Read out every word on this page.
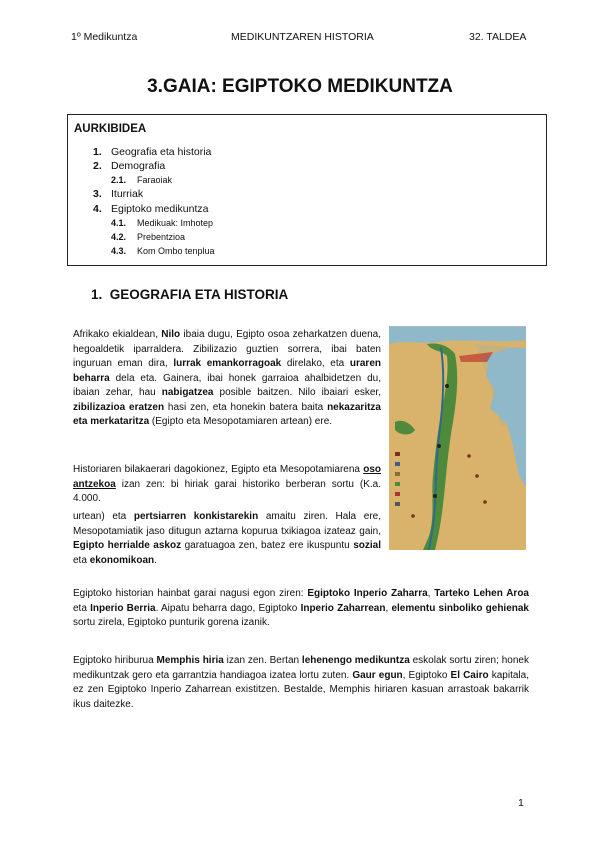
1º Medikuntza	MEDIKUNTZAREN HISTORIA	32. TALDEA
3.GAIA: EGIPTOKO MEDIKUNTZA
AURKIBIDEA
1. Geografia eta historia
2. Demografia
2.1. Faraoiak
3. Iturriak
4. Egiptoko medikuntza
4.1. Medikuak: Imhotep
4.2. Prebentzioa
4.3. Kom Ombo tenplua
1. GEOGRAFIA ETA HISTORIA
Afrikako ekialdean, Nilo ibaia dugu, Egipto osoa zeharkatzen duena, hegoaldetik iparraldera. Zibilizazio guztien sorrera, ibai baten inguruan eman dira, lurrak emankorragoak direlako, eta uraren beharra dela eta. Gainera, ibai honek garraioa ahalbidetzen du, ibaian zehar, hau nabigatzea posible baitzen. Nilo ibaiari esker, zibilizazioa eratzen hasi zen, eta honekin batera baita nekazaritza eta merkataritza (Egipto eta Mesopotamiaren artean) ere.
Historiaren bilakaerari dagokionez, Egipto eta Mesopotamiarena oso antzekoa izan zen: bi hiriak garai historiko berberan sortu (K.a. 4.000.
urtean) eta pertsiarren konkistarekin amaitu ziren. Hala ere, Mesopotamiatik jaso ditugun aztarna kopurua txikiagoa izateaz gain, Egipto herrialde askoz garatuagoa zen, batez ere ikuspuntu sozial eta ekonomikoan.
Egiptoko historian hainbat garai nagusi egon ziren: Egiptoko Inperio Zaharra, Tarteko Lehen Aroa eta Inperio Berria. Aipatu beharra dago, Egiptoko Inperio Zaharrean, elementu sinboliko gehienak sortu zirela, Egiptoko punturik gorena izanik.
Egiptoko hiriburua Memphis hiria izan zen. Bertan lehenengo medikuntza eskolak sortu ziren; honek medikuntzak gero eta garrantzia handiagoa izatea lortu zuten. Gaur egun, Egiptoko El Cairo kapitala, ez zen Egiptoko Inperio Zaharrean existitzen. Bestalde, Memphis hiriaren kasuan arrastoak bakarrik ikus daitezke.
1
